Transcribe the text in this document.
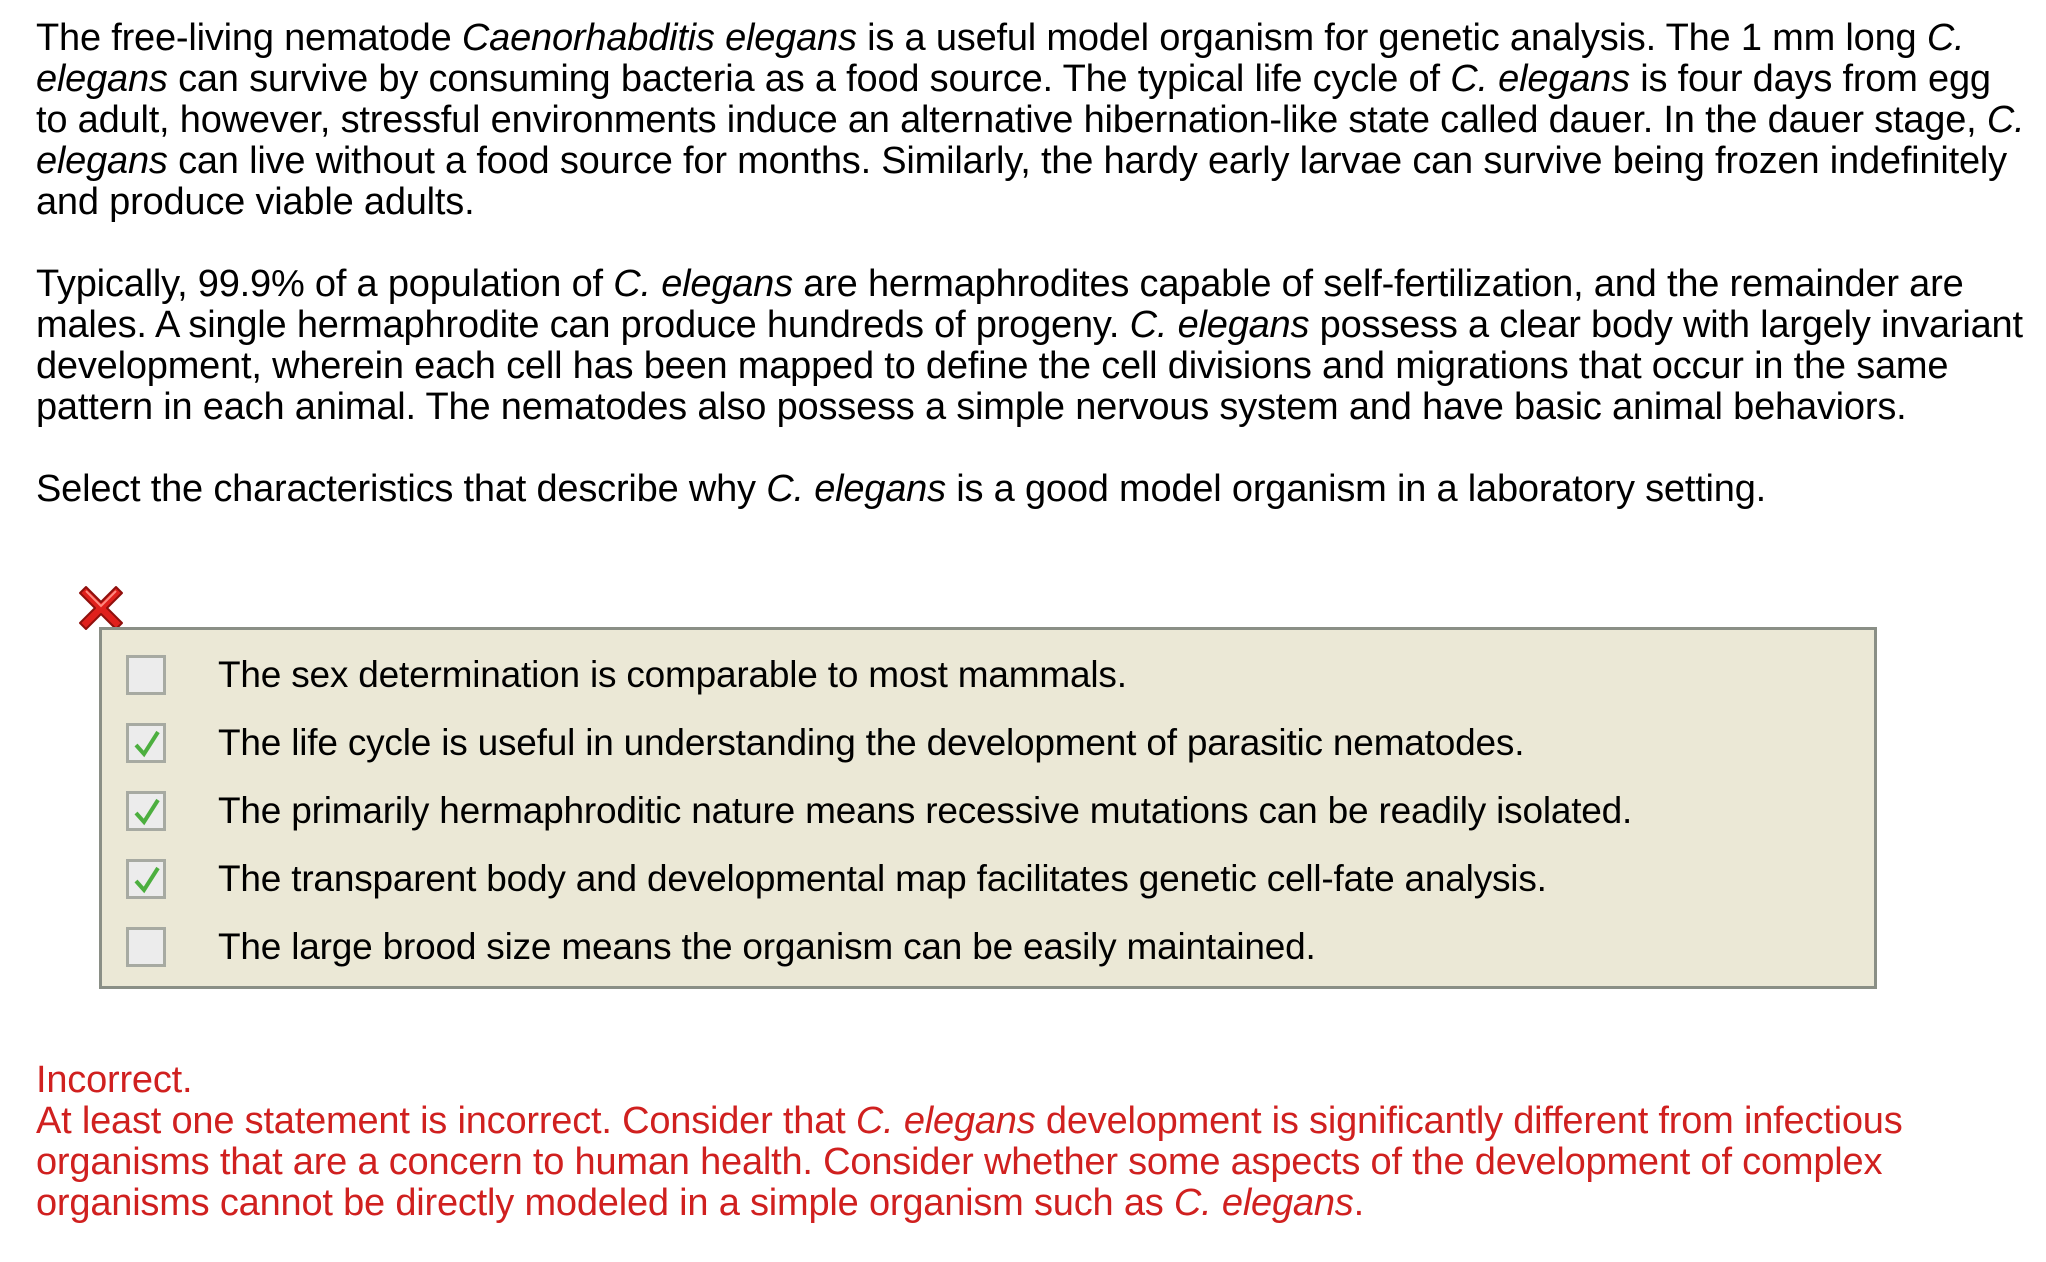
The free-living nematode Caenorhabditis elegans is a useful model organism for genetic analysis. The 1 mm long C. elegans can survive by consuming bacteria as a food source. The typical life cycle of C. elegans is four days from egg to adult, however, stressful environments induce an alternative hibernation-like state called dauer. In the dauer stage, C. elegans can live without a food source for months. Similarly, the hardy early larvae can survive being frozen indefinitely and produce viable adults.

Typically, 99.9% of a population of C. elegans are hermaphrodites capable of self-fertilization, and the remainder are males. A single hermaphrodite can produce hundreds of progeny. C. elegans possess a clear body with largely invariant development, wherein each cell has been mapped to define the cell divisions and migrations that occur in the same pattern in each animal. The nematodes also possess a simple nervous system and have basic animal behaviors.

Select the characteristics that describe why C. elegans is a good model organism in a laboratory setting.

The sex determination is comparable to most mammals.
The life cycle is useful in understanding the development of parasitic nematodes.
The primarily hermaphroditic nature means recessive mutations can be readily isolated.
The transparent body and developmental map facilitates genetic cell-fate analysis.
The large brood size means the organism can be easily maintained.
Incorrect.
At least one statement is incorrect. Consider that C. elegans development is significantly different from infectious organisms that are a concern to human health. Consider whether some aspects of the development of complex organisms cannot be directly modeled in a simple organism such as C. elegans.
